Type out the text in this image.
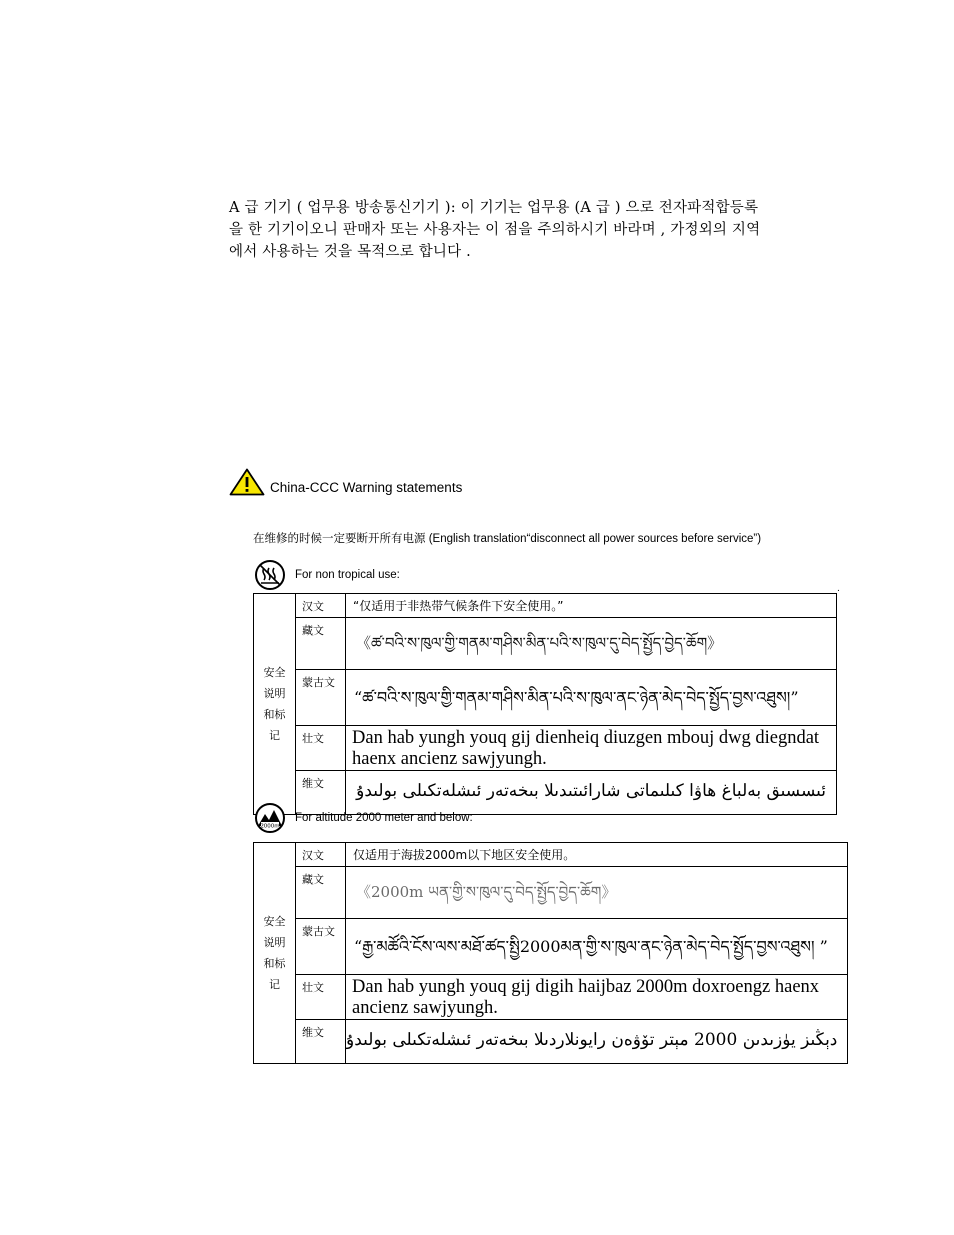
A 급 기기 ( 업무용 방송통신기기 ): 이 기기는 업무용 (A 급 ) 으로 전자파적합등록

을 한 기기이오니 판매자 또는 사용자는 이 점을 주의하시기 바라며 , 가정외의 지역

에서 사용하는 것을 목적으로 합니다 .

China-CCC Warning statements
在维修的时候一定要断开所有电源 (English translation“disconnect all power sources before service”)
For non tropical use:
.
安全
说明
和标
记	汉文	“仅适用于非热带气候条件下安全使用。”

	藏文	《ཚ་བའི་ས་ཁུལ་གྱི་གནམ་གཤིས་མིན་པའི་ས་ཁུལ་དུ་བེད་སྤྱོད་བྱེད་ཆོག》

	蒙古文	“ཚ་བའི་ས་ཁུལ་གྱི་གནམ་གཤིས་མིན་པའི་ས་ཁུལ་ནང་ཉེན་མེད་བེད་སྤྱོད་བྱས་འཐུས།”

	壮文	Dan hab yungh youq gij dienheiq diuzgen mbouj dwg diegndat haenx ancienz sawjyungh.

	维文	ئىسسىق بەلباغ ھاۋا كىلىماتى شارائىتىدىلا بىخەتەر ئىشلەتكىلى بولىدۇ
2000m
For altitude 2000 meter and below:
安全
说明
和标
记	汉文	仅适用于海拔2000m以下地区安全使用。

	藏文	《2000m ཡན་གྱི་ས་ཁུལ་དུ་བེད་སྤྱོད་བྱེད་ཆོག》

	蒙古文	“རྒྱ་མཚོའི་ངོས་ལས་མཐོ་ཚད་སྤྱི2000མན་གྱི་ས་ཁུལ་ནང་ཉེན་མེད་བེད་སྤྱོད་བྱས་འཐུས། ”

	壮文	Dan hab yungh youq gij digih haijbaz 2000m doxroengz haenx ancienz sawjyungh.

	维文	دېڭىز يۈزىدىن 2000 مېتر تۆۋەن رايونلاردىلا بىخەتەر ئىشلەتكىلى بولىدۇ
